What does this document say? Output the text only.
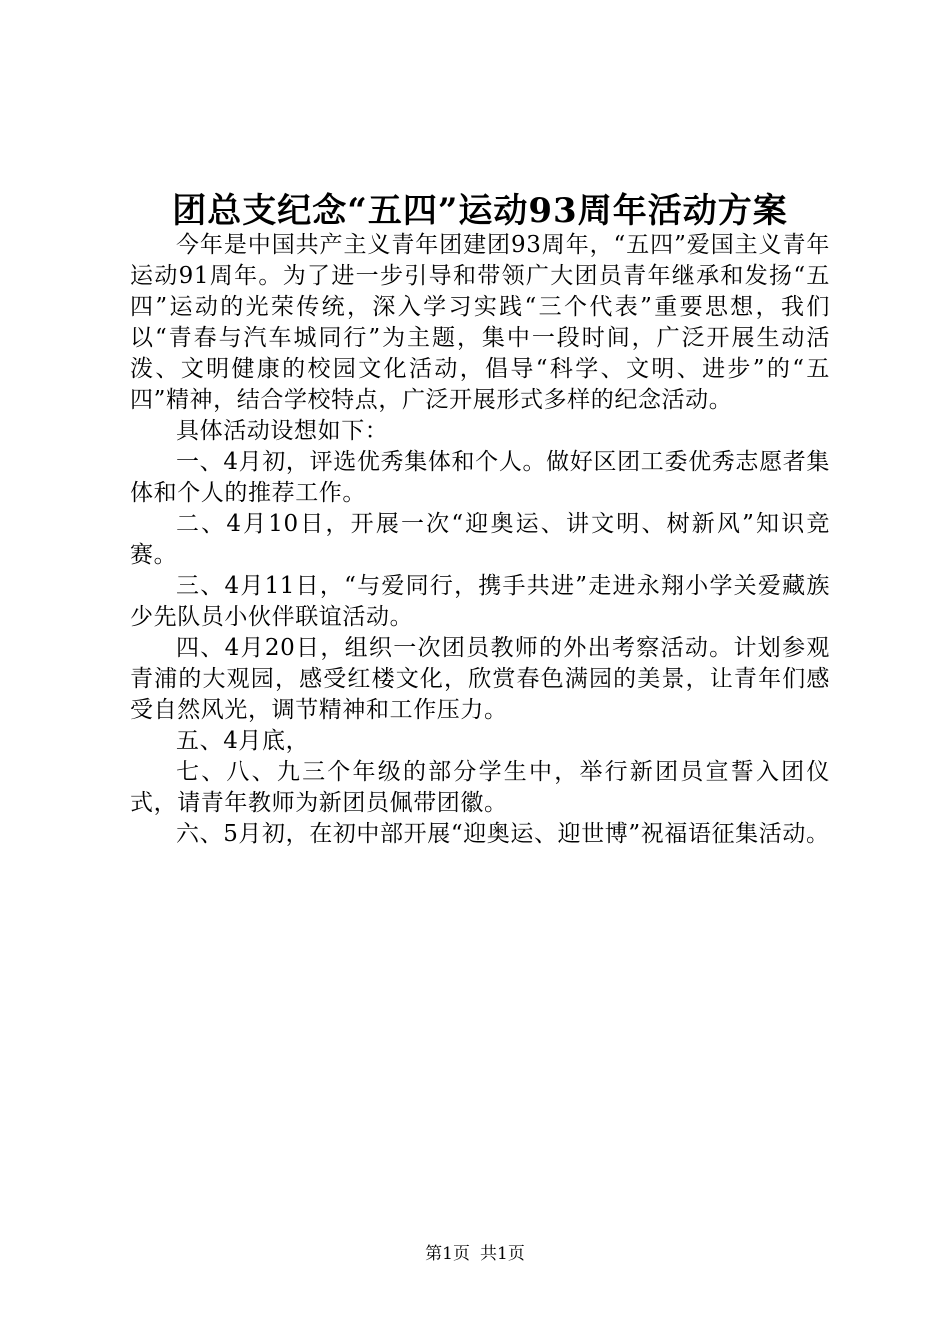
团总支纪念“五四”运动93周年活动方案

今年是中国共产主义青年团建团93周年，“五四”爱国主义青年运动91周年。为了进一步引导和带领广大团员青年继承和发扬“五四”运动的光荣传统，深入学习实践“三个代表”重要思想，我们以“青春与汽车城同行”为主题，集中一段时间，广泛开展生动活泼、文明健康的校园文化活动，倡导“科学、文明、进步”的“五四”精神，结合学校特点，广泛开展形式多样的纪念活动。

具体活动设想如下：

一、4月初，评选优秀集体和个人。做好区团工委优秀志愿者集体和个人的推荐工作。

二、4月10日，开展一次“迎奥运、讲文明、树新风”知识竞赛。

三、4月11日，“与爱同行，携手共进”走进永翔小学关爱藏族少先队员小伙伴联谊活动。

四、4月20日，组织一次团员教师的外出考察活动。计划参观青浦的大观园，感受红楼文化，欣赏春色满园的美景，让青年们感受自然风光，调节精神和工作压力。

五、4月底，

七、八、九三个年级的部分学生中，举行新团员宣誓入团仪式，请青年教师为新团员佩带团徽。

六、5月初，在初中部开展“迎奥运、迎世博”祝福语征集活动。

第1页 共1页
